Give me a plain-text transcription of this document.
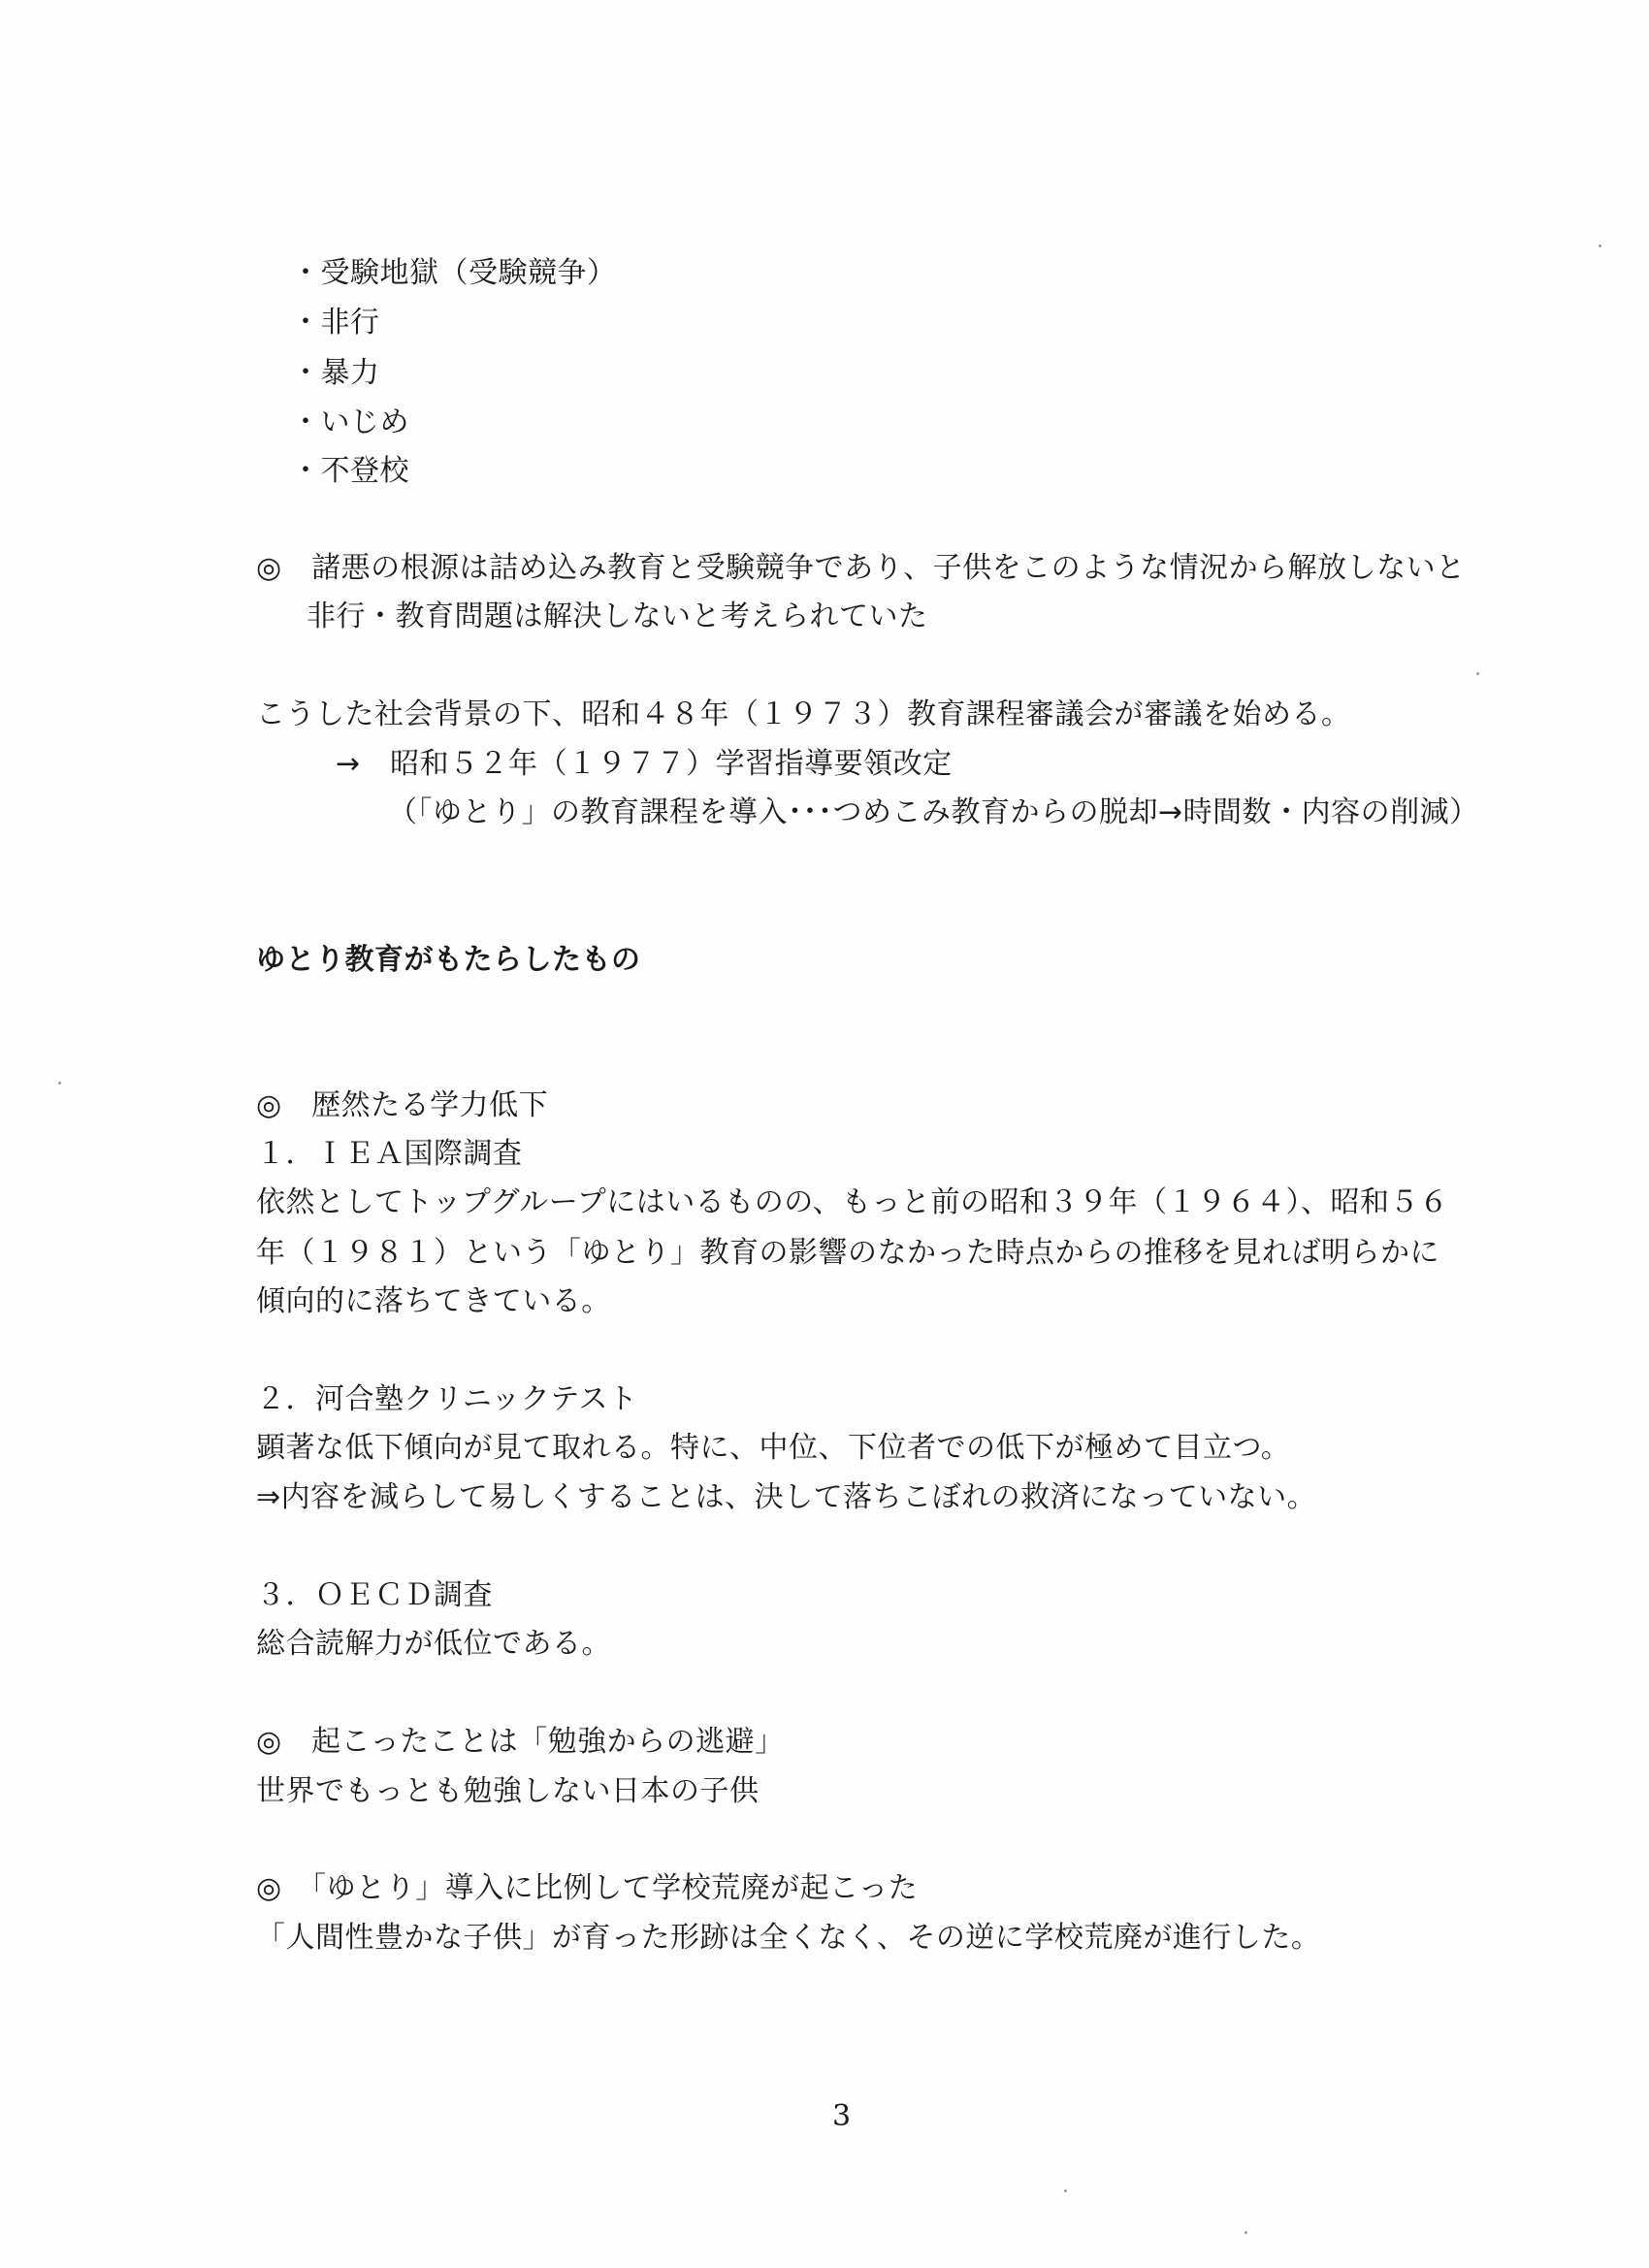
・受験地獄（受験競争）
・非行
・暴力
・いじめ
・不登校
◎　諸悪の根源は詰め込み教育と受験競争であり、子供をこのような情況から解放しないと
非行・教育問題は解決しないと考えられていた
こうした社会背景の下、昭和４８年（１９７３）教育課程審議会が審議を始める。
→　昭和５２年（１９７７）学習指導要領改定
（「ゆとり」の教育課程を導入･･･つめこみ教育からの脱却→時間数・内容の削減）
ゆとり教育がもたらしたもの
◎　歴然たる学力低下
１．ＩＥＡ国際調査
依然としてトップグループにはいるものの、もっと前の昭和３９年（１９６４）、昭和５６
年（１９８１）という「ゆとり」教育の影響のなかった時点からの推移を見れば明らかに
傾向的に落ちてきている。
２．河合塾クリニックテスト
顕著な低下傾向が見て取れる。特に、中位、下位者での低下が極めて目立つ。
⇒内容を減らして易しくすることは、決して落ちこぼれの救済になっていない。
３．ＯＥＣＤ調査
総合読解力が低位である。
◎　起こったことは「勉強からの逃避」
世界でもっとも勉強しない日本の子供
◎　「ゆとり」導入に比例して学校荒廃が起こった
「人間性豊かな子供」が育った形跡は全くなく、その逆に学校荒廃が進行した。
3
